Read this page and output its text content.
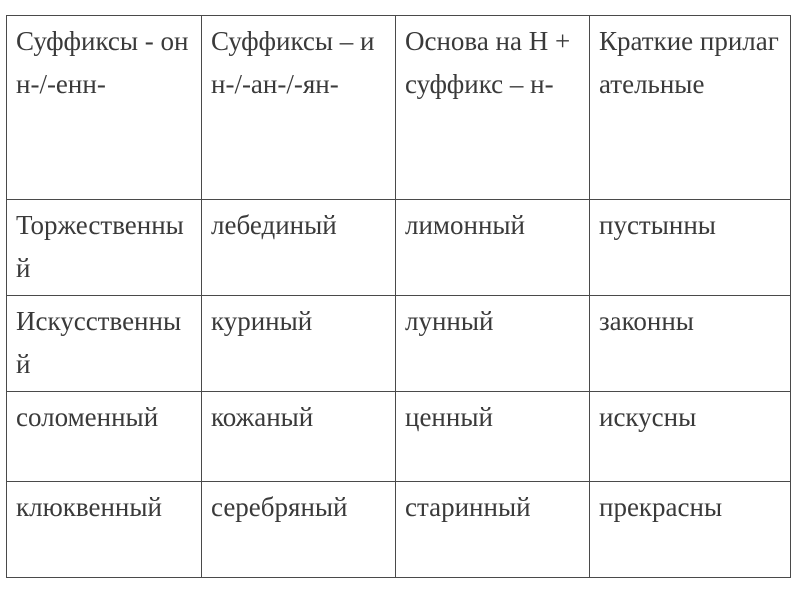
Суффиксы - онн-/-енн-	Суффиксы – ин-/-ан-/-ян-	Основа на Н + суффикс – н-	Краткие прилагательные
Торжественный	лебединый	лимонный	пустынны
Искусственный	куриный	лунный	законны
соломенный	кожаный	ценный	искусны
клюквенный	серебряный	старинный	прекрасны
